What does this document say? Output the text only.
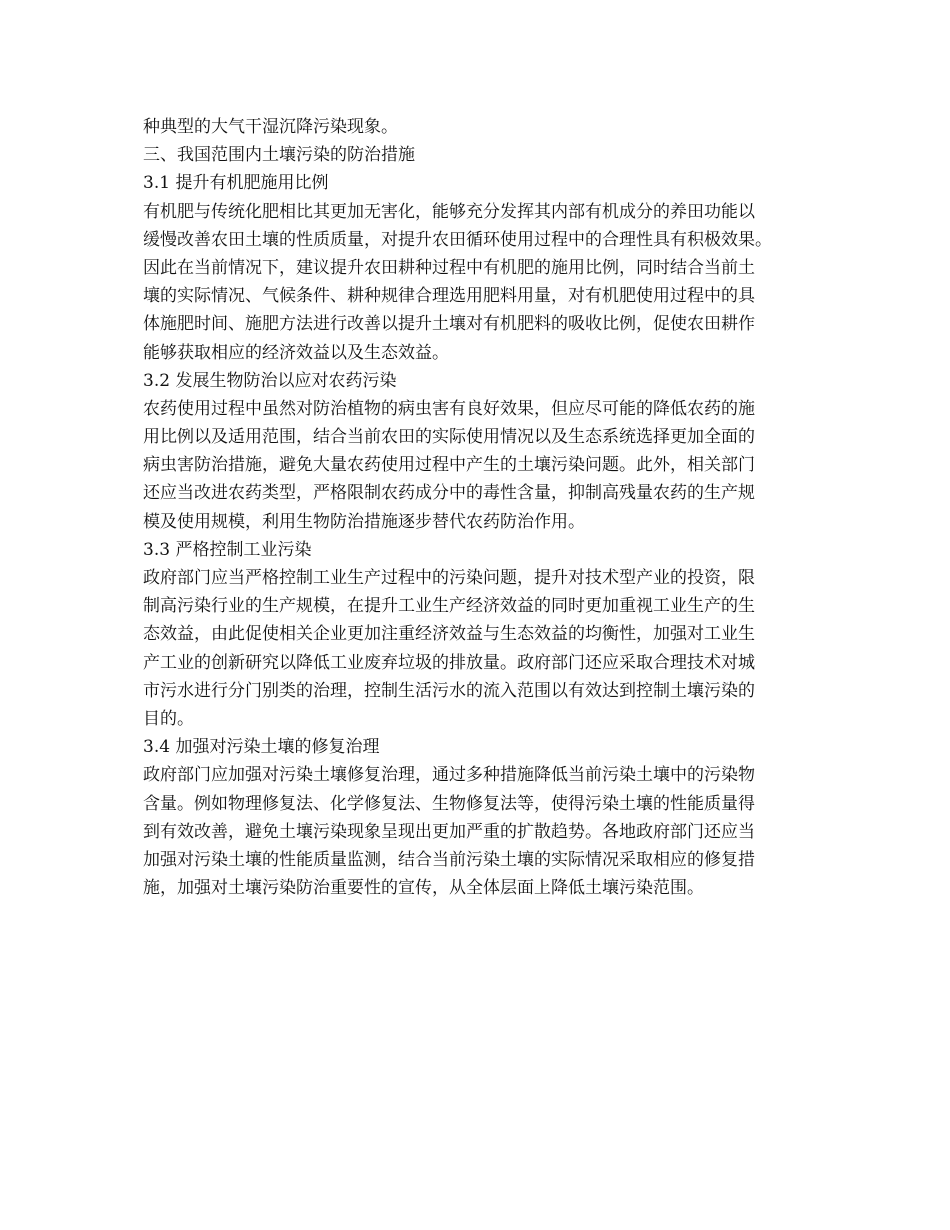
种典型的大气干湿沉降污染现象。
三、我国范围内土壤污染的防治措施
3.1 提升有机肥施用比例
有机肥与传统化肥相比其更加无害化，能够充分发挥其内部有机成分的养田功能以
缓慢改善农田土壤的性质质量，对提升农田循环使用过程中的合理性具有积极效果。
因此在当前情况下，建议提升农田耕种过程中有机肥的施用比例，同时结合当前土
壤的实际情况、气候条件、耕种规律合理选用肥料用量，对有机肥使用过程中的具
体施肥时间、施肥方法进行改善以提升土壤对有机肥料的吸收比例，促使农田耕作
能够获取相应的经济效益以及生态效益。
3.2 发展生物防治以应对农药污染
农药使用过程中虽然对防治植物的病虫害有良好效果，但应尽可能的降低农药的施
用比例以及适用范围，结合当前农田的实际使用情况以及生态系统选择更加全面的
病虫害防治措施，避免大量农药使用过程中产生的土壤污染问题。此外，相关部门
还应当改进农药类型，严格限制农药成分中的毒性含量，抑制高残量农药的生产规
模及使用规模，利用生物防治措施逐步替代农药防治作用。
3.3 严格控制工业污染
政府部门应当严格控制工业生产过程中的污染问题，提升对技术型产业的投资，限
制高污染行业的生产规模，在提升工业生产经济效益的同时更加重视工业生产的生
态效益，由此促使相关企业更加注重经济效益与生态效益的均衡性，加强对工业生
产工业的创新研究以降低工业废弃垃圾的排放量。政府部门还应采取合理技术对城
市污水进行分门别类的治理，控制生活污水的流入范围以有效达到控制土壤污染的
目的。
3.4 加强对污染土壤的修复治理
政府部门应加强对污染土壤修复治理，通过多种措施降低当前污染土壤中的污染物
含量。例如物理修复法、化学修复法、生物修复法等，使得污染土壤的性能质量得
到有效改善，避免土壤污染现象呈现出更加严重的扩散趋势。各地政府部门还应当
加强对污染土壤的性能质量监测，结合当前污染土壤的实际情况采取相应的修复措
施，加强对土壤污染防治重要性的宣传，从全体层面上降低土壤污染范围。
